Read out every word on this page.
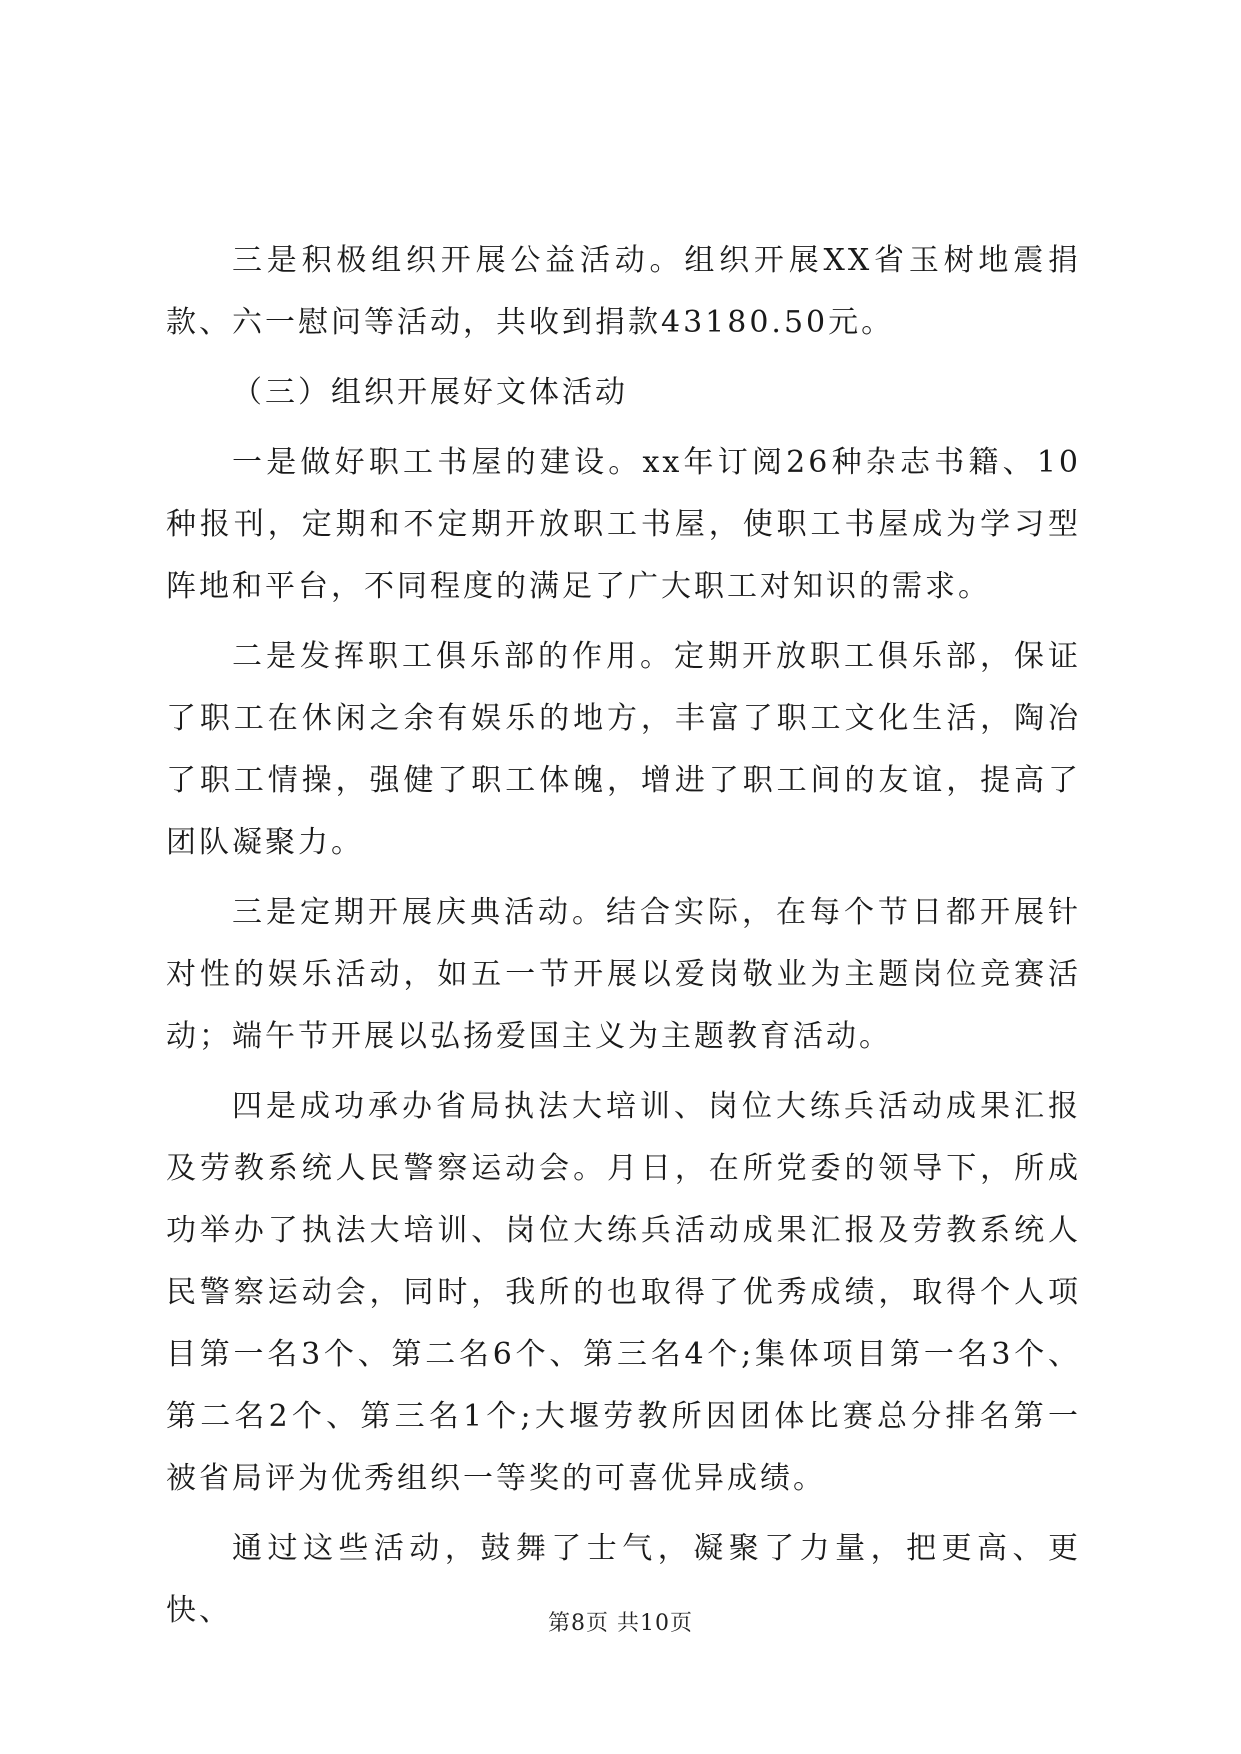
三是积极组织开展公益活动。组织开展XX省玉树地震捐款、六一慰问等活动，共收到捐款43180.50元。

（三）组织开展好文体活动

一是做好职工书屋的建设。xx年订阅26种杂志书籍、10种报刊，定期和不定期开放职工书屋，使职工书屋成为学习型阵地和平台，不同程度的满足了广大职工对知识的需求。

二是发挥职工俱乐部的作用。定期开放职工俱乐部，保证了职工在休闲之余有娱乐的地方，丰富了职工文化生活，陶冶了职工情操，强健了职工体魄，增进了职工间的友谊，提高了团队凝聚力。

三是定期开展庆典活动。结合实际，在每个节日都开展针对性的娱乐活动，如五一节开展以爱岗敬业为主题岗位竞赛活动；端午节开展以弘扬爱国主义为主题教育活动。

四是成功承办省局执法大培训、岗位大练兵活动成果汇报及劳教系统人民警察运动会。月日，在所党委的领导下，所成功举办了执法大培训、岗位大练兵活动成果汇报及劳教系统人民警察运动会，同时，我所的也取得了优秀成绩，取得个人项目第一名3个、第二名6个、第三名4个;集体项目第一名3个、第二名2个、第三名1个;大堰劳教所因团体比赛总分排名第一被省局评为优秀组织一等奖的可喜优异成绩。

通过这些活动，鼓舞了士气，凝聚了力量，把更高、更快、	第8页 共10页
